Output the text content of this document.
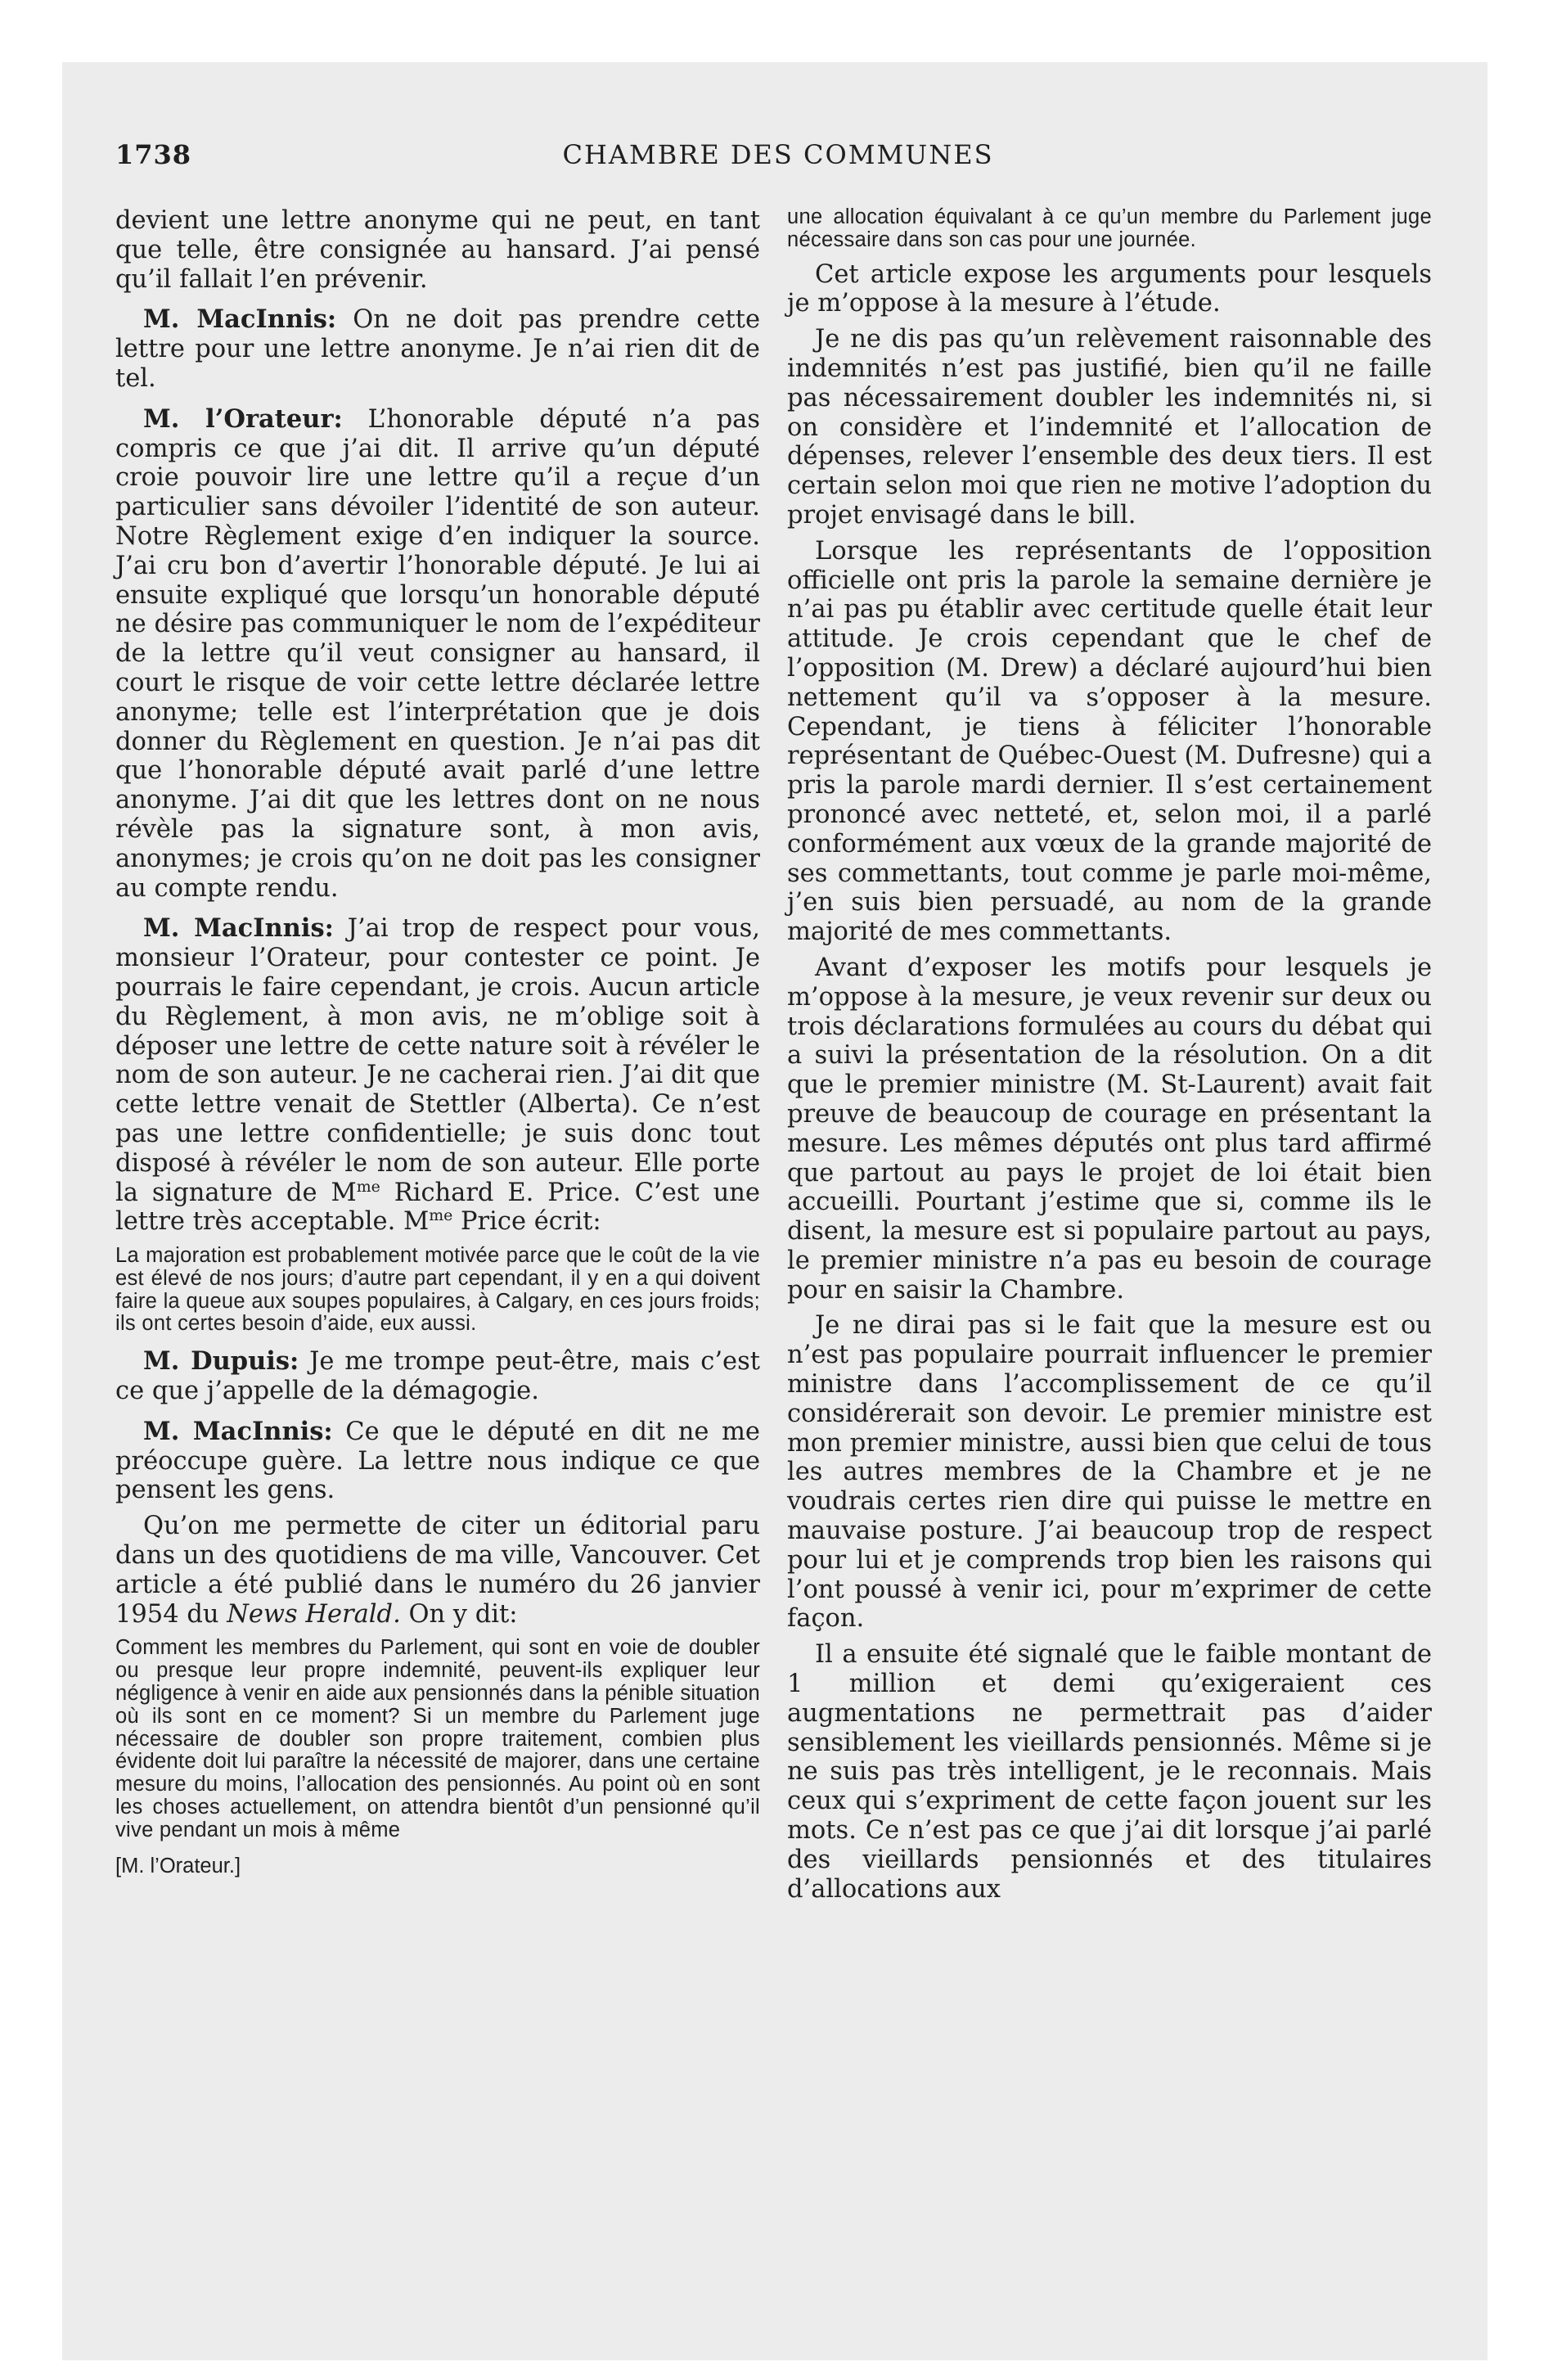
1738	CHAMBRE DES COMMUNES

devient une lettre anonyme qui ne peut, en tant que telle, être consignée au hansard. J’ai pensé qu’il fallait l’en prévenir.

M. MacInnis: On ne doit pas prendre cette lettre pour une lettre anonyme. Je n’ai rien dit de tel.

M. l’Orateur: L’honorable député n’a pas compris ce que j’ai dit. Il arrive qu’un député croie pouvoir lire une lettre qu’il a reçue d’un particulier sans dévoiler l’identité de son auteur. Notre Règlement exige d’en indiquer la source. J’ai cru bon d’avertir l’honorable député. Je lui ai ensuite expliqué que lorsqu’un honorable député ne désire pas communiquer le nom de l’expéditeur de la lettre qu’il veut consigner au hansard, il court le risque de voir cette lettre déclarée lettre anonyme; telle est l’interprétation que je dois donner du Règlement en question. Je n’ai pas dit que l’honorable député avait parlé d’une lettre anonyme. J’ai dit que les lettres dont on ne nous révèle pas la signature sont, à mon avis, anonymes; je crois qu’on ne doit pas les consigner au compte rendu.

M. MacInnis: J’ai trop de respect pour vous, monsieur l’Orateur, pour contester ce point. Je pourrais le faire cependant, je crois. Aucun article du Règlement, à mon avis, ne m’oblige soit à déposer une lettre de cette nature soit à révéler le nom de son auteur. Je ne cacherai rien. J’ai dit que cette lettre venait de Stettler (Alberta). Ce n’est pas une lettre confidentielle; je suis donc tout disposé à révéler le nom de son auteur. Elle porte la signature de $M^{me}$ Richard E. Price. C’est une lettre très acceptable. $M^{me}$ Price écrit:

La majoration est probablement motivée parce que le coût de la vie est élevé de nos jours; d’autre part cependant, il y en a qui doivent faire la queue aux soupes populaires, à Calgary, en ces jours froids; ils ont certes besoin d’aide, eux aussi.

M. Dupuis: Je me trompe peut-être, mais c’est ce que j’appelle de la démagogie.

M. MacInnis: Ce que le député en dit ne me préoccupe guère. La lettre nous indique ce que pensent les gens.

Qu’on me permette de citer un éditorial paru dans un des quotidiens de ma ville, Vancouver. Cet article a été publié dans le numéro du 26 janvier 1954 du News Herald. On y dit:

Comment les membres du Parlement, qui sont en voie de doubler ou presque leur propre indemnité, peuvent-ils expliquer leur négligence à venir en aide aux pensionnés dans la pénible situation où ils sont en ce moment? Si un membre du Parlement juge nécessaire de doubler son propre traitement, combien plus évidente doit lui paraître la nécessité de majorer, dans une certaine mesure du moins, l’allocation des pensionnés. Au point où en sont les choses actuellement, on attendra bientôt d’un pensionné qu’il vive pendant un mois à même

[M. l’Orateur.]

une allocation équivalant à ce qu’un membre du Parlement juge nécessaire dans son cas pour une journée.

Cet article expose les arguments pour lesquels je m’oppose à la mesure à l’étude.

Je ne dis pas qu’un relèvement raisonnable des indemnités n’est pas justifié, bien qu’il ne faille pas nécessairement doubler les indemnités ni, si on considère et l’indemnité et l’allocation de dépenses, relever l’ensemble des deux tiers. Il est certain selon moi que rien ne motive l’adoption du projet envisagé dans le bill.

Lorsque les représentants de l’opposition officielle ont pris la parole la semaine dernière je n’ai pas pu établir avec certitude quelle était leur attitude. Je crois cependant que le chef de l’opposition (M. Drew) a déclaré aujourd’hui bien nettement qu’il va s’opposer à la mesure. Cependant, je tiens à féliciter l’honorable représentant de Québec-Ouest (M. Dufresne) qui a pris la parole mardi dernier. Il s’est certainement prononcé avec netteté, et, selon moi, il a parlé conformément aux vœux de la grande majorité de ses commettants, tout comme je parle moi-même, j’en suis bien persuadé, au nom de la grande majorité de mes commettants.

Avant d’exposer les motifs pour lesquels je m’oppose à la mesure, je veux revenir sur deux ou trois déclarations formulées au cours du débat qui a suivi la présentation de la résolution. On a dit que le premier ministre (M. St-Laurent) avait fait preuve de beaucoup de courage en présentant la mesure. Les mêmes députés ont plus tard affirmé que partout au pays le projet de loi était bien accueilli. Pourtant j’estime que si, comme ils le disent, la mesure est si populaire partout au pays, le premier ministre n’a pas eu besoin de courage pour en saisir la Chambre.

Je ne dirai pas si le fait que la mesure est ou n’est pas populaire pourrait influencer le premier ministre dans l’accomplissement de ce qu’il considérerait son devoir. Le premier ministre est mon premier ministre, aussi bien que celui de tous les autres membres de la Chambre et je ne voudrais certes rien dire qui puisse le mettre en mauvaise posture. J’ai beaucoup trop de respect pour lui et je comprends trop bien les raisons qui l’ont poussé à venir ici, pour m’exprimer de cette façon.

Il a ensuite été signalé que le faible montant de 1 million et demi qu’exigeraient ces augmentations ne permettrait pas d’aider sensiblement les vieillards pensionnés. Même si je ne suis pas très intelligent, je le reconnais. Mais ceux qui s’expriment de cette façon jouent sur les mots. Ce n’est pas ce que j’ai dit lorsque j’ai parlé des vieillards pensionnés et des titulaires d’allocations aux
